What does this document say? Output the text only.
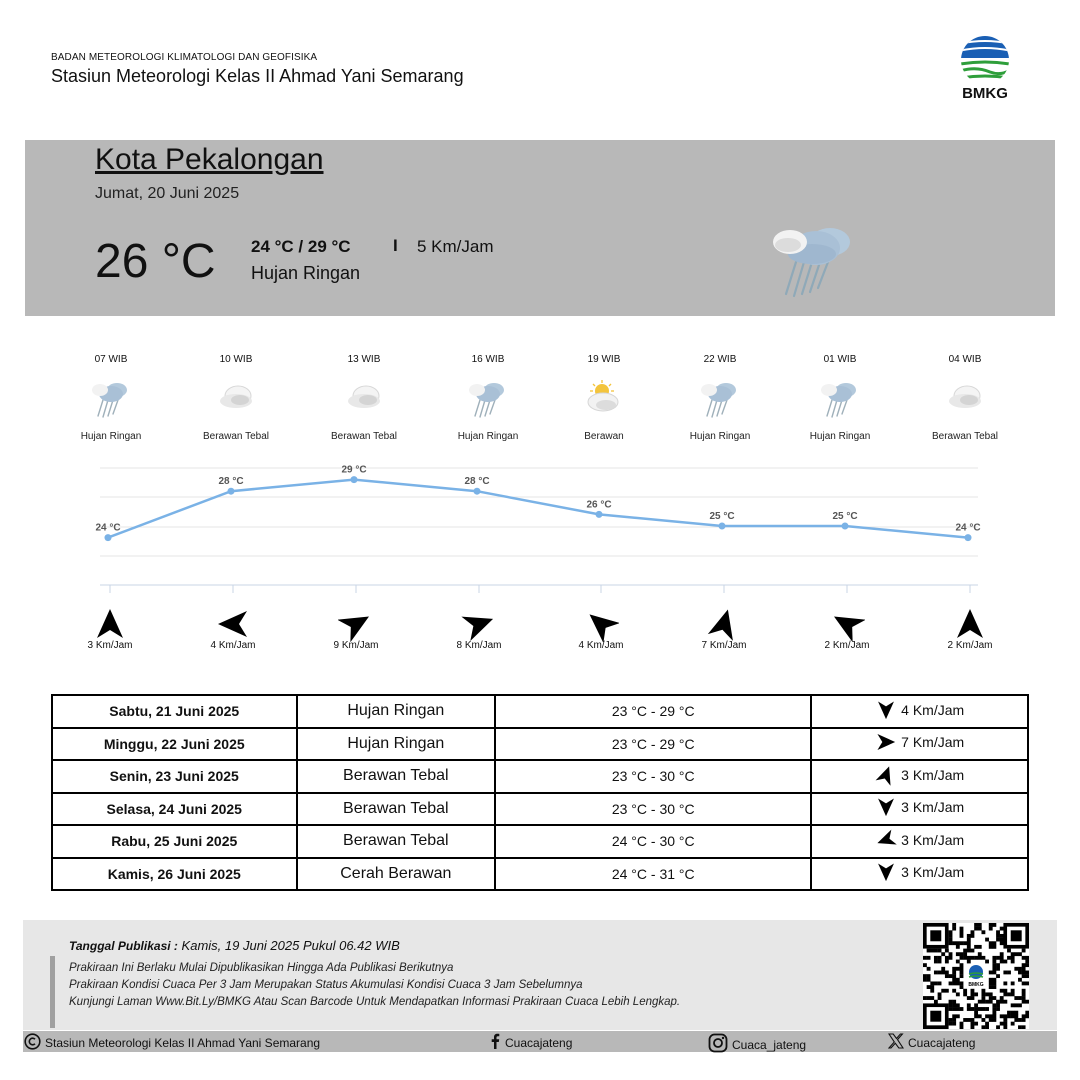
BADAN METEOROLOGI KLIMATOLOGI DAN GEOFISIKA
Stasiun Meteorologi Kelas II Ahmad Yani Semarang
BMKG
Kota Pekalongan
Jumat, 20 Juni 2025
26 °C 24 °C / 29 °C I 5 Km/Jam
Hujan Ringan
07 WIB
Hujan Ringan
3 Km/Jam
10 WIB
Berawan Tebal
4 Km/Jam
13 WIB
Berawan Tebal
9 Km/Jam
16 WIB
Hujan Ringan
8 Km/Jam
19 WIB
Berawan
4 Km/Jam
22 WIB
Hujan Ringan
7 Km/Jam
01 WIB
Hujan Ringan
2 Km/Jam
04 WIB
Berawan Tebal
2 Km/Jam
24 °C
28 °C
29 °C
28 °C
26 °C
25 °C	25 °C
24 °C
Sabtu, 21 Juni 2025	Hujan Ringan	23 °C - 29 °C	4 Km/Jam

Minggu, 22 Juni 2025	Hujan Ringan	23 °C - 29 °C	7 Km/Jam

Senin, 23 Juni 2025	Berawan Tebal	23 °C - 30 °C	3 Km/Jam

Selasa, 24 Juni 2025	Berawan Tebal	23 °C - 30 °C	3 Km/Jam

Rabu, 25 Juni 2025	Berawan Tebal	24 °C - 30 °C	3 Km/Jam

Kamis, 26 Juni 2025	Cerah Berawan	24 °C - 31 °C	3 Km/Jam
Tanggal Publikasi : Kamis, 19 Juni 2025 Pukul 06.42 WIB
Prakiraan Ini Berlaku Mulai Dipublikasikan Hingga Ada Publikasi Berikutnya
Prakiraan Kondisi Cuaca Per 3 Jam Merupakan Status Akumulasi Kondisi Cuaca 3 Jam Sebelumnya
Kunjungi Laman Www.Bit.Ly/BMKG Atau Scan Barcode Untuk Mendapatkan Informasi Prakiraan Cuaca Lebih Lengkap.
BMKG
Stasiun Meteorologi Kelas II Ahmad Yani Semarang	Cuacajateng	Cuaca_jateng	Cuacajateng
